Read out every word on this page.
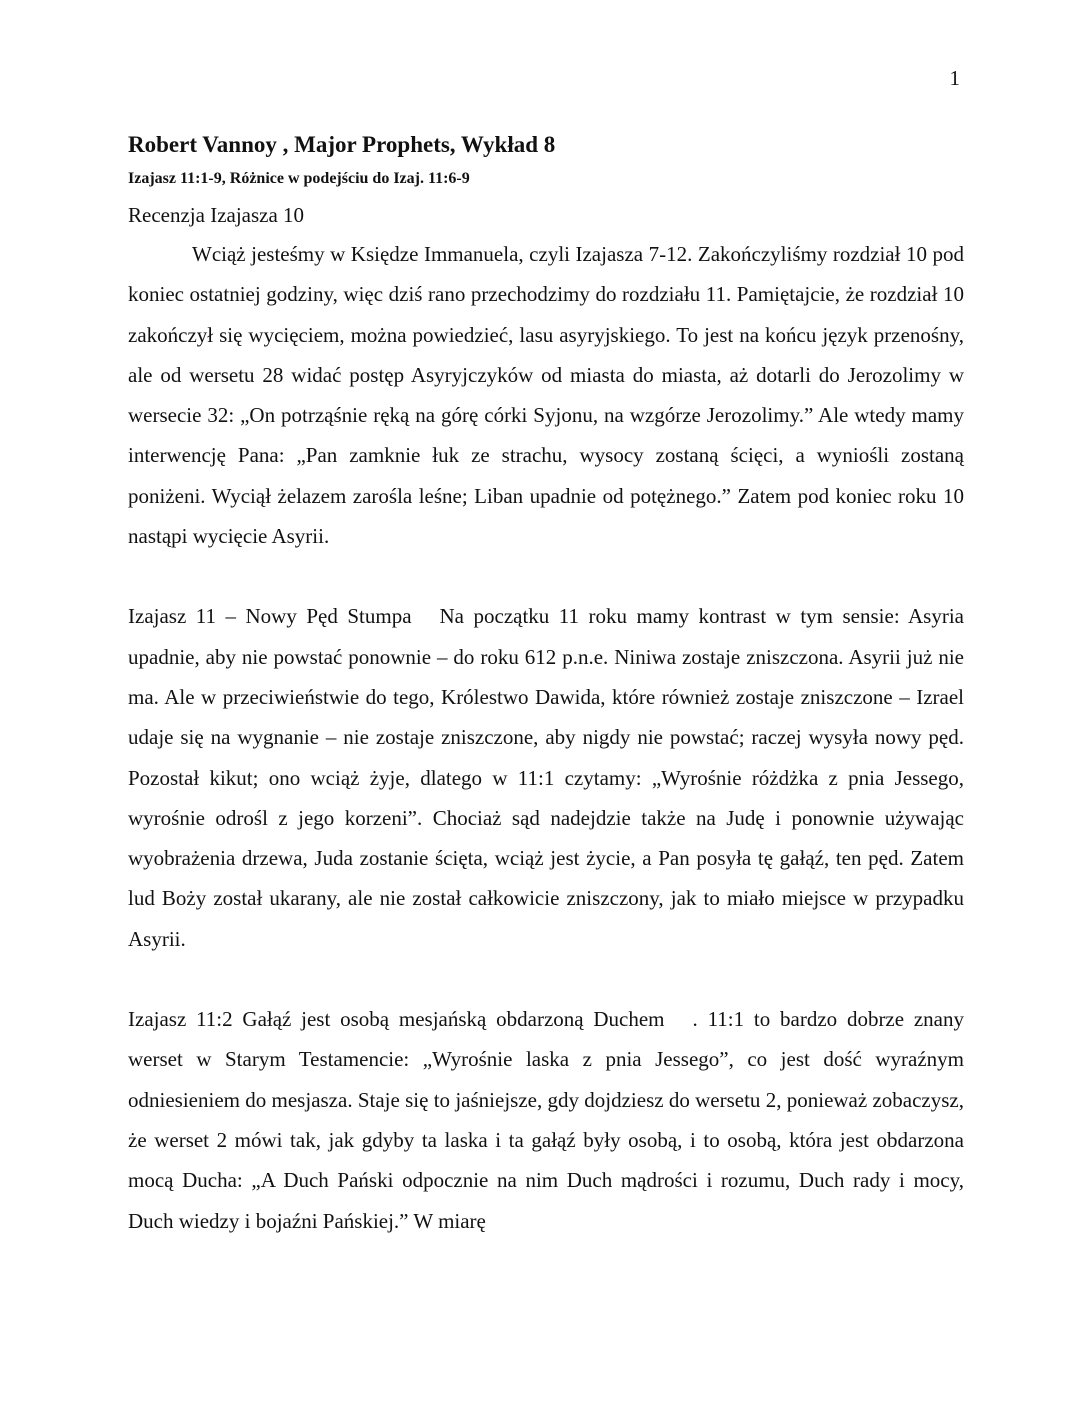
1

Robert Vannoy , Major Prophets, Wykład 8

Izajasz 11:1-9, Różnice w podejściu do Izaj. 11:6-9

Recenzja Izajasza 10

Wciąż jesteśmy w Księdze Immanuela, czyli Izajasza 7-12. Zakończyliśmy rozdział 10 pod koniec ostatniej godziny, więc dziś rano przechodzimy do rozdziału 11. Pamiętajcie, że rozdział 10 zakończył się wycięciem, można powiedzieć, lasu asyryjskiego. To jest na końcu język przenośny, ale od wersetu 28 widać postęp Asyryjczyków od miasta do miasta, aż dotarli do Jerozolimy w wersecie 32: „On potrząśnie ręką na górę córki Syjonu, na wzgórze Jerozolimy.” Ale wtedy mamy interwencję Pana: „Pan zamknie łuk ze strachu, wysocy zostaną ścięci, a wyniośli zostaną poniżeni. Wyciął żelazem zarośla leśne; Liban upadnie od potężnego.” Zatem pod koniec roku 10 nastąpi wycięcie Asyrii.

Izajasz 11 – Nowy Pęd Stumpa Na początku 11 roku mamy kontrast w tym sensie: Asyria upadnie, aby nie powstać ponownie – do roku 612 p.n.e. Niniwa zostaje zniszczona. Asyrii już nie ma. Ale w przeciwieństwie do tego, Królestwo Dawida, które również zostaje zniszczone – Izrael udaje się na wygnanie – nie zostaje zniszczone, aby nigdy nie powstać; raczej wysyła nowy pęd. Pozostał kikut; ono wciąż żyje, dlatego w 11:1 czytamy: „Wyrośnie różdżka z pnia Jessego, wyrośnie odrośl z jego korzeni”. Chociaż sąd nadejdzie także na Judę i ponownie używając wyobrażenia drzewa, Juda zostanie ścięta, wciąż jest życie, a Pan posyła tę gałąź, ten pęd. Zatem lud Boży został ukarany, ale nie został całkowicie zniszczony, jak to miało miejsce w przypadku Asyrii.

Izajasz 11:2 Gałąź jest osobą mesjańską obdarzoną Duchem . 11:1 to bardzo dobrze znany werset w Starym Testamencie: „Wyrośnie laska z pnia Jessego”, co jest dość wyraźnym odniesieniem do mesjasza. Staje się to jaśniejsze, gdy dojdziesz do wersetu 2, ponieważ zobaczysz, że werset 2 mówi tak, jak gdyby ta laska i ta gałąź były osobą, i to osobą, która jest obdarzona mocą Ducha: „A Duch Pański odpocznie na nim Duch mądrości i rozumu, Duch rady i mocy, Duch wiedzy i bojaźni Pańskiej.” W miarę
